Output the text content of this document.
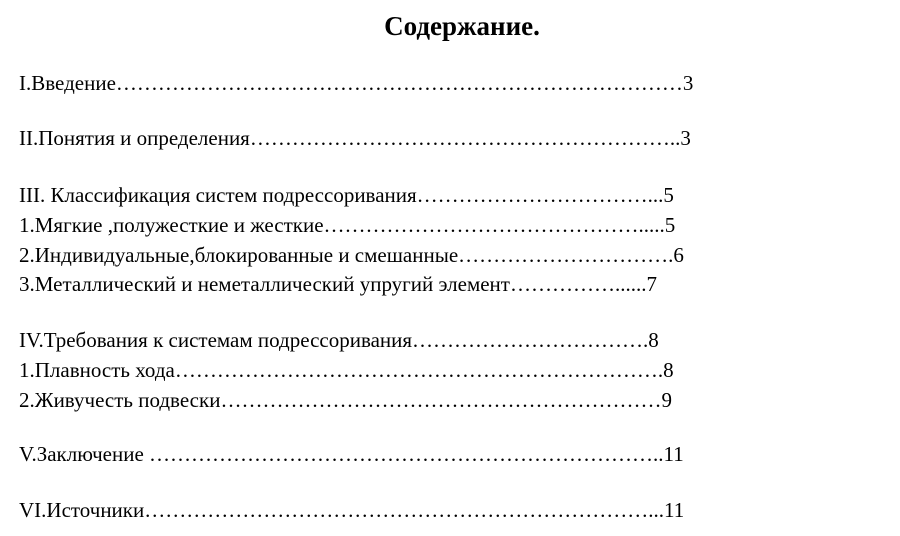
Содержание.
I.Введение………………………………………………………………………3
II.Понятия и определения……………………………………………………..3
III. Классификация систем подрессоривания……………………………...5
1.Мягкие ,полужесткие и жесткие……………………………………….....5
2.Индивидуальные,блокированные и смешанные………………………….6
3.Металлический и неметаллический упругий элемент……………......7
IV.Требования к системам подрессоривания…………………………….8
1.Плавность хода…………………………………………………………….8
2.Живучесть подвески………………………………………………………9
V.Заключение ………………………………………………………………..11
VI.Источники………………………………………………………………...11
